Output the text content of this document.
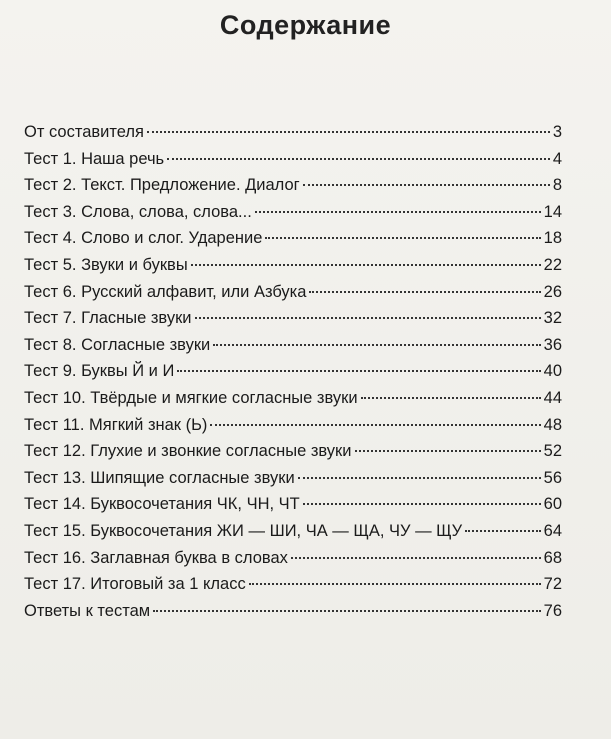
Содержание
От составителя	3
Тест 1. Наша речь	4
Тест 2. Текст. Предложение. Диалог	8
Тест 3. Слова, слова, слова...	14
Тест 4. Слово и слог. Ударение	18
Тест 5. Звуки и буквы	22
Тест 6. Русский алфавит, или Азбука	26
Тест 7. Гласные звуки	32
Тест 8. Согласные звуки	36
Тест 9. Буквы Й и И	40
Тест 10. Твёрдые и мягкие согласные звуки	44
Тест 11. Мягкий знак (Ь)	48
Тест 12. Глухие и звонкие согласные звуки	52
Тест 13. Шипящие согласные звуки	56
Тест 14. Буквосочетания ЧК, ЧН, ЧТ	60
Тест 15. Буквосочетания ЖИ — ШИ, ЧА — ЩА, ЧУ — ЩУ	64
Тест 16. Заглавная буква в словах	68
Тест 17. Итоговый за 1 класс	72
Ответы к тестам	76
